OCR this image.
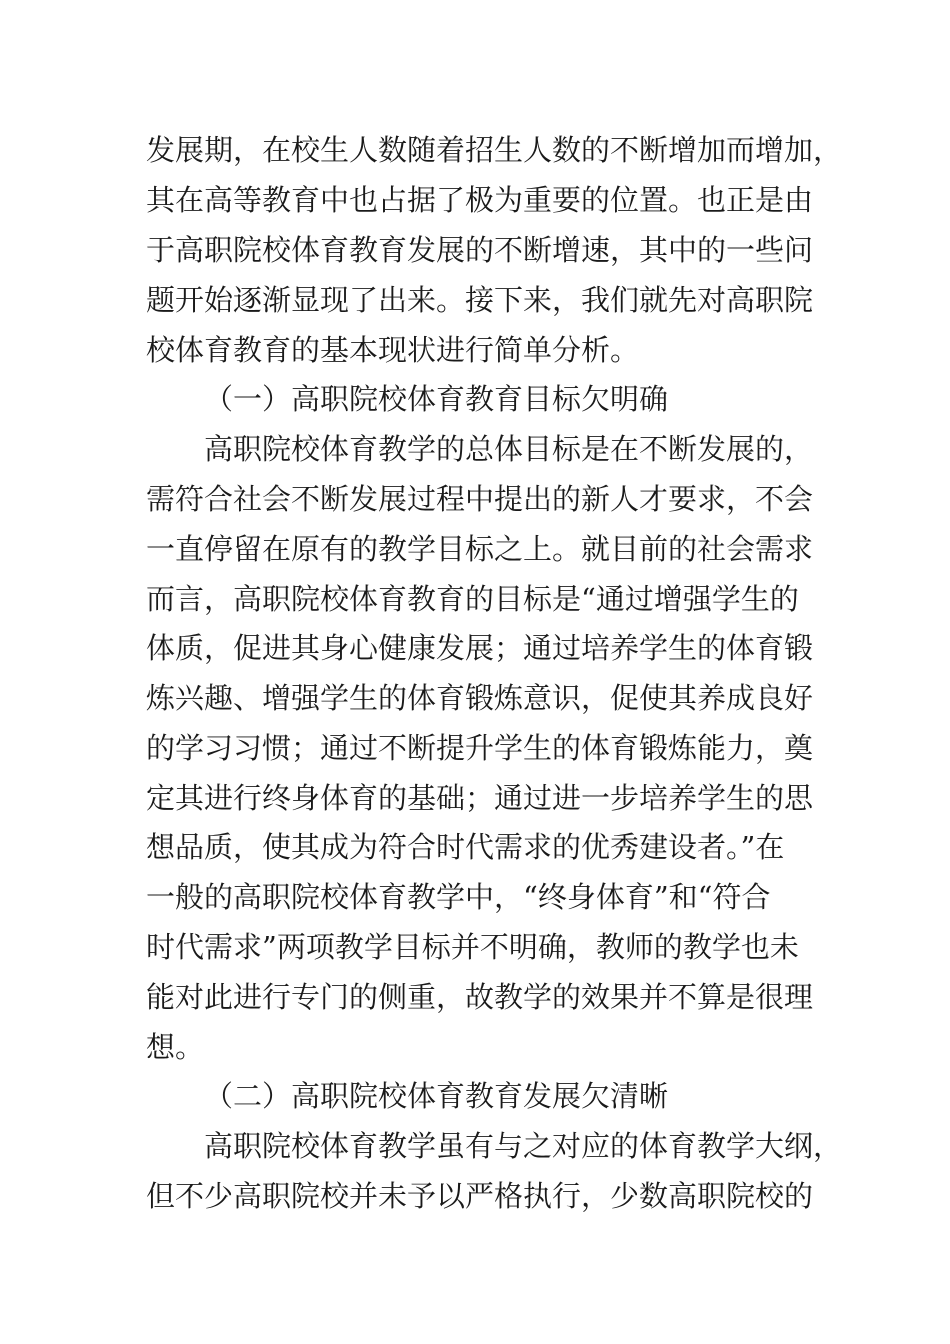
发展期，在校生人数随着招生人数的不断增加而增加，
其在高等教育中也占据了极为重要的位置。也正是由
于高职院校体育教育发展的不断增速，其中的一些问
题开始逐渐显现了出来。接下来，我们就先对高职院
校体育教育的基本现状进行简单分析。
（一）高职院校体育教育目标欠明确
高职院校体育教学的总体目标是在不断发展的，
需符合社会不断发展过程中提出的新人才要求，不会
一直停留在原有的教学目标之上。就目前的社会需求
而言，高职院校体育教育的目标是“通过增强学生的
体质，促进其身心健康发展；通过培养学生的体育锻
炼兴趣、增强学生的体育锻炼意识，促使其养成良好
的学习习惯；通过不断提升学生的体育锻炼能力，奠
定其进行终身体育的基础；通过进一步培养学生的思
想品质，使其成为符合时代需求的优秀建设者。”在
一般的高职院校体育教学中，“终身体育”和“符合
时代需求”两项教学目标并不明确，教师的教学也未
能对此进行专门的侧重，故教学的效果并不算是很理
想。
（二）高职院校体育教育发展欠清晰
高职院校体育教学虽有与之对应的体育教学大纲，
但不少高职院校并未予以严格执行，少数高职院校的
